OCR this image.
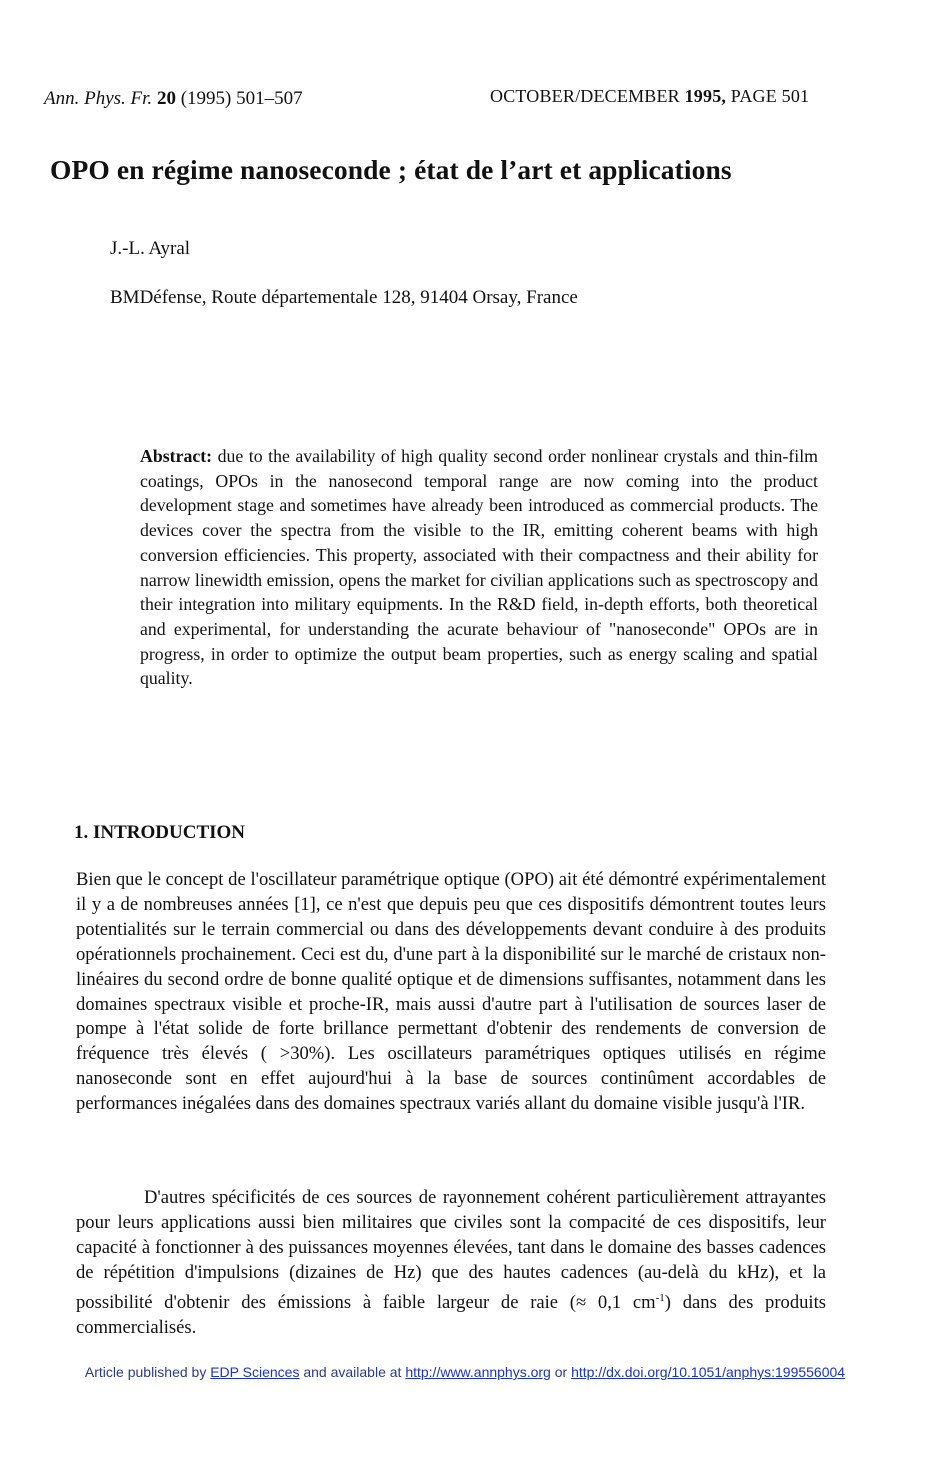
Ann. Phys. Fr. 20 (1995) 501–507	OCTOBER/DECEMBER 1995, PAGE 501
OPO en régime nanoseconde ; état de l’art et applications
J.-L. Ayral
BMDéfense, Route départementale 128, 91404 Orsay, France
Abstract: due to the availability of high quality second order nonlinear crystals and thin-film coatings, OPOs in the nanosecond temporal range are now coming into the product development stage and sometimes have already been introduced as commercial products. The devices cover the spectra from the visible to the IR, emitting coherent beams with high conversion efficiencies. This property, associated with their compactness and their ability for narrow linewidth emission, opens the market for civilian applications such as spectroscopy and their integration into military equipments. In the R&D field, in-depth efforts, both theoretical and experimental, for understanding the acurate behaviour of "nanoseconde" OPOs are in progress, in order to optimize the output beam properties, such as energy scaling and spatial quality.
1. INTRODUCTION
Bien que le concept de l'oscillateur paramétrique optique (OPO) ait été démontré expérimentalement il y a de nombreuses années [1], ce n'est que depuis peu que ces dispositifs démontrent toutes leurs potentialités sur le terrain commercial ou dans des développements devant conduire à des produits opérationnels prochainement. Ceci est du, d'une part à la disponibilité sur le marché de cristaux non-linéaires du second ordre de bonne qualité optique et de dimensions suffisantes, notamment dans les domaines spectraux visible et proche-IR, mais aussi d'autre part à l'utilisation de sources laser de pompe à l'état solide de forte brillance permettant d'obtenir des rendements de conversion de fréquence très élevés ( >30%). Les oscillateurs paramétriques optiques utilisés en régime nanoseconde sont en effet aujourd'hui à la base de sources continûment accordables de performances inégalées dans des domaines spectraux variés allant du domaine visible jusqu'à l'IR.
D'autres spécificités de ces sources de rayonnement cohérent particulièrement attrayantes pour leurs applications aussi bien militaires que civiles sont la compacité de ces dispositifs, leur capacité à fonctionner à des puissances moyennes élevées, tant dans le domaine des basses cadences de répétition d'impulsions (dizaines de Hz) que des hautes cadences (au-delà du kHz), et la possibilité d'obtenir des émissions à faible largeur de raie (≈ 0,1 $cm^{-1}$) dans des produits commercialisés.
Article published by EDP Sciences and available at http://www.annphys.org or http://dx.doi.org/10.1051/anphys:199556004
